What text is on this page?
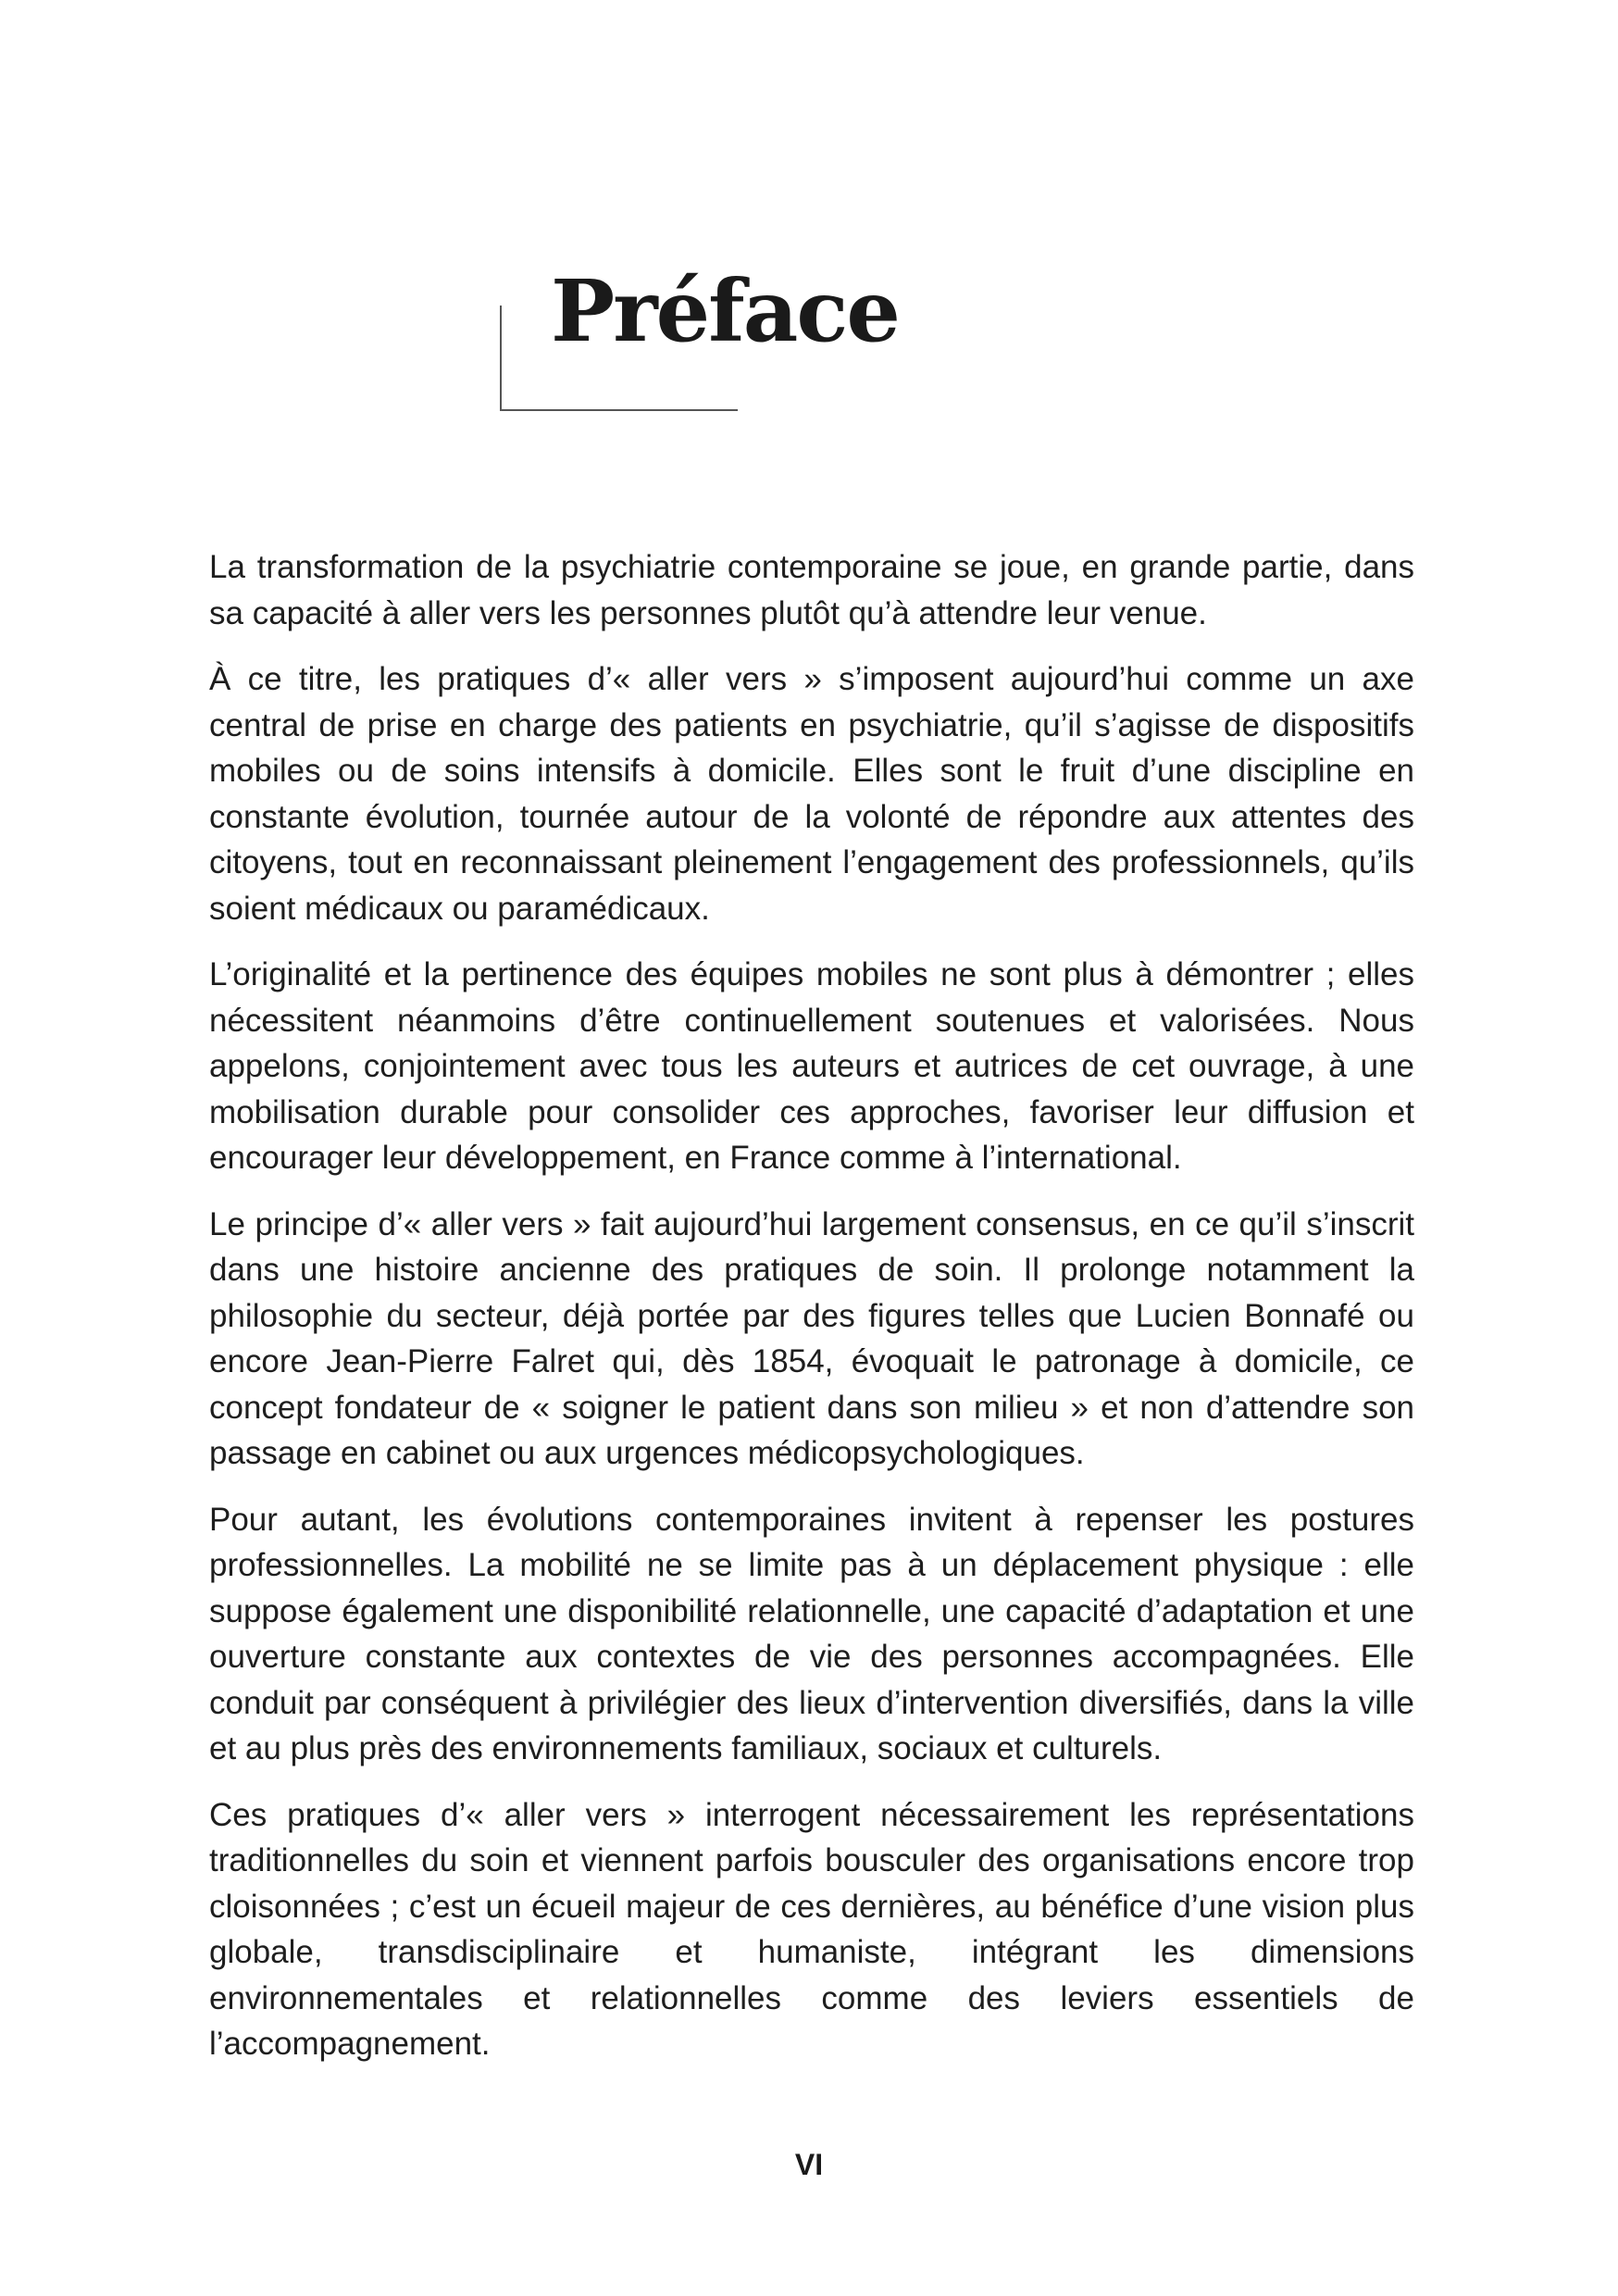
Préface

La transformation de la psychiatrie contemporaine se joue, en grande partie, dans sa capacité à aller vers les personnes plutôt qu’à attendre leur venue.

À ce titre, les pratiques d’« aller vers » s’imposent aujourd’hui comme un axe central de prise en charge des patients en psychiatrie, qu’il s’agisse de dispositifs mobiles ou de soins intensifs à domicile. Elles sont le fruit d’une discipline en constante évolution, tournée autour de la volonté de répondre aux attentes des citoyens, tout en reconnaissant pleinement l’engagement des professionnels, qu’ils soient médicaux ou paramédicaux.

L’originalité et la pertinence des équipes mobiles ne sont plus à démontrer ; elles nécessitent néanmoins d’être continuellement soutenues et valorisées. Nous appelons, conjointement avec tous les auteurs et autrices de cet ouvrage, à une mobilisation durable pour consolider ces approches, favoriser leur diffusion et encourager leur développement, en France comme à l’international.

Le principe d’« aller vers » fait aujourd’hui largement consensus, en ce qu’il s’inscrit dans une histoire ancienne des pratiques de soin. Il prolonge notamment la philosophie du secteur, déjà portée par des figures telles que Lucien Bonnafé ou encore Jean-Pierre Falret qui, dès 1854, évoquait le patronage à domicile, ce concept fondateur de « soigner le patient dans son milieu » et non d’attendre son passage en cabinet ou aux urgences médicopsychologiques.

Pour autant, les évolutions contemporaines invitent à repenser les postures professionnelles. La mobilité ne se limite pas à un déplacement physique : elle suppose également une disponibilité relationnelle, une capacité d’adaptation et une ouverture constante aux contextes de vie des personnes accompagnées. Elle conduit par conséquent à privilégier des lieux d’intervention diversifiés, dans la ville et au plus près des environnements familiaux, sociaux et culturels.

Ces pratiques d’« aller vers » interrogent nécessairement les représentations traditionnelles du soin et viennent parfois bousculer des organisations encore trop cloisonnées ; c’est un écueil majeur de ces dernières, au bénéfice d’une vision plus globale, transdisciplinaire et humaniste, intégrant les dimensions environnementales et relationnelles comme des leviers essentiels de l’accompagnement.

VI
